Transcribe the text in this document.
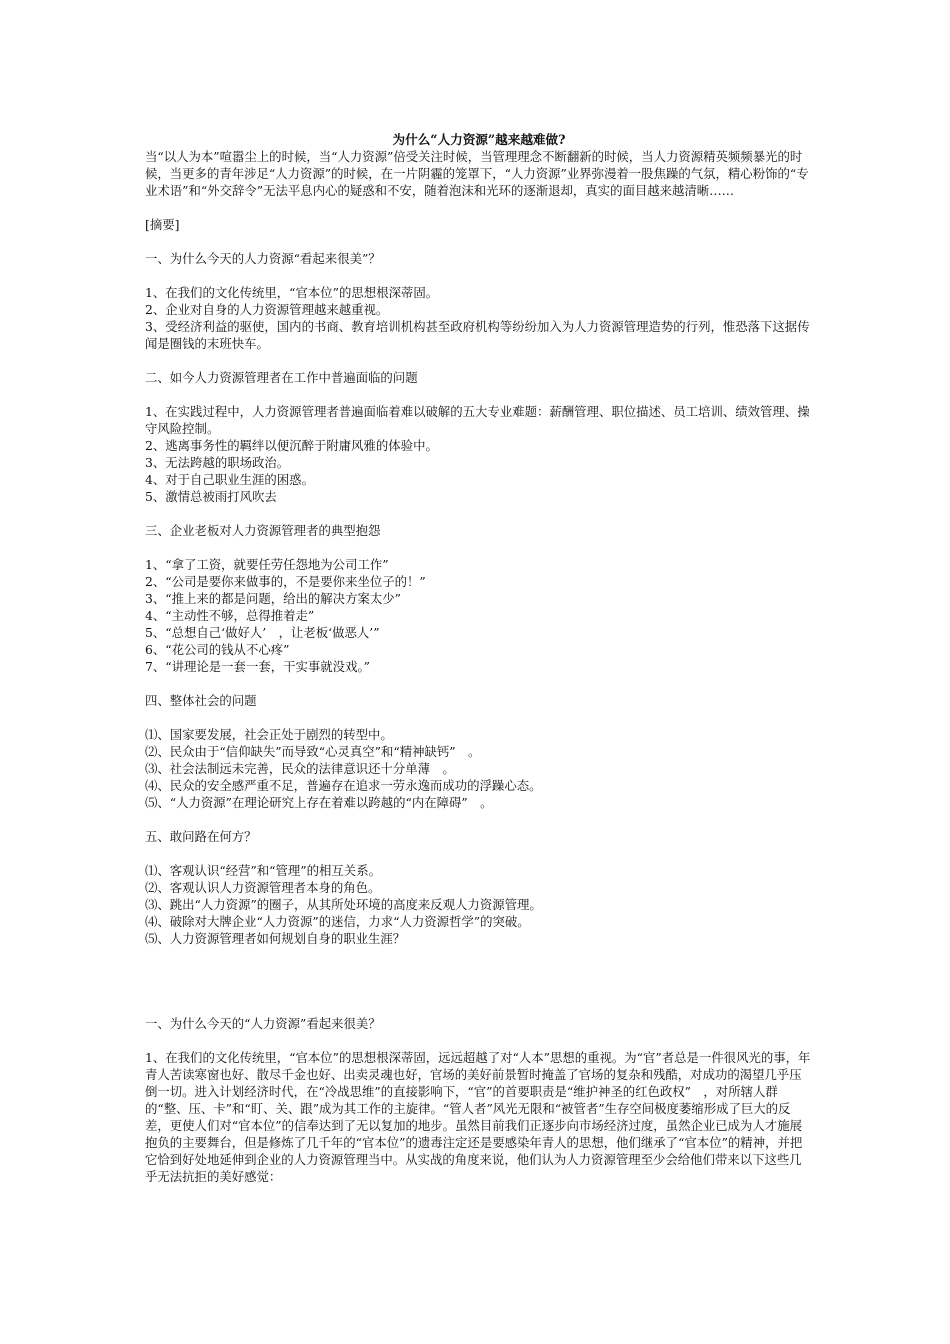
为什么“人力资源”越来越难做?

当“以人为本”喧嚣尘上的时候，当“人力资源”倍受关注时候，当管理理念不断翻新的时候，当人力资源精英频频暴光的时候，当更多的青年涉足“人力资源”的时候，在一片阴霾的笼罩下，“人力资源”业界弥漫着一股焦躁的气氛，精心粉饰的“专业术语”和“外交辞令”无法平息内心的疑惑和不安，随着泡沫和光环的逐渐退却，真实的面目越来越清晰……

[摘要]

一、为什么今天的人力资源“看起来很美”？

1、在我们的文化传统里，“官本位”的思想根深蒂固。

2、企业对自身的人力资源管理越来越重视。

3、受经济利益的驱使，国内的书商、教育培训机构甚至政府机构等纷纷加入为人力资源管理造势的行列，惟恐落下这据传闻是圈钱的末班快车。

二、如今人力资源管理者在工作中普遍面临的问题

1、在实践过程中，人力资源管理者普遍面临着难以破解的五大专业难题：薪酬管理、职位描述、员工培训、绩效管理、操守风险控制。

2、逃离事务性的羁绊以便沉醉于附庸风雅的体验中。

3、无法跨越的职场政治。

4、对于自己职业生涯的困惑。

5、激情总被雨打风吹去

三、企业老板对人力资源管理者的典型抱怨

1、“拿了工资，就要任劳任怨地为公司工作”

2、“公司是要你来做事的，不是要你来坐位子的！”

3、“推上来的都是问题，给出的解决方案太少”

4、“主动性不够，总得推着走”

5、“总想自己‘做好人’　，让老板‘做恶人’”

6、“花公司的钱从不心疼”

7、“讲理论是一套一套，干实事就没戏。”

四、整体社会的问题

⑴、国家要发展，社会正处于剧烈的转型中。

⑵、民众由于“信仰缺失”而导致“心灵真空”和“精神缺钙”　。

⑶、社会法制远未完善，民众的法律意识还十分单薄　。

⑷、民众的安全感严重不足，普遍存在追求一劳永逸而成功的浮躁心态。

⑸、“人力资源”在理论研究上存在着难以跨越的“内在障碍”　。

五、敢问路在何方？

⑴、客观认识“经营”和“管理”的相互关系。

⑵、客观认识人力资源管理者本身的角色。

⑶、跳出“人力资源”的圈子，从其所处环境的高度来反观人力资源管理。

⑷、破除对大牌企业“人力资源”的迷信，力求“人力资源哲学”的突破。

⑸、人力资源管理者如何规划自身的职业生涯？

一、为什么今天的“人力资源”看起来很美？

1、在我们的文化传统里，“官本位”的思想根深蒂固，远远超越了对“人本”思想的重视。为“官”者总是一件很风光的事，年青人苦读寒窗也好、散尽千金也好、出卖灵魂也好，官场的美好前景暂时掩盖了官场的复杂和残酷，对成功的渴望几乎压倒一切。进入计划经济时代，在“冷战思维”的直接影响下，“官”的首要职责是“维护神圣的红色政权”　，对所辖人群的“整、压、卡”和“盯、关、跟”成为其工作的主旋律。“管人者”风光无限和“被管者”生存空间极度萎缩形成了巨大的反差，更使人们对“官本位”的信奉达到了无以复加的地步。虽然目前我们正逐步向市场经济过度，虽然企业已成为人才施展抱负的主要舞台，但是修炼了几千年的“官本位”的遗毒注定还是要感染年青人的思想，他们继承了“官本位”的精神，并把它恰到好处地延伸到企业的人力资源管理当中。从实战的角度来说，他们认为人力资源管理至少会给他们带来以下这些几乎无法抗拒的美好感觉：
